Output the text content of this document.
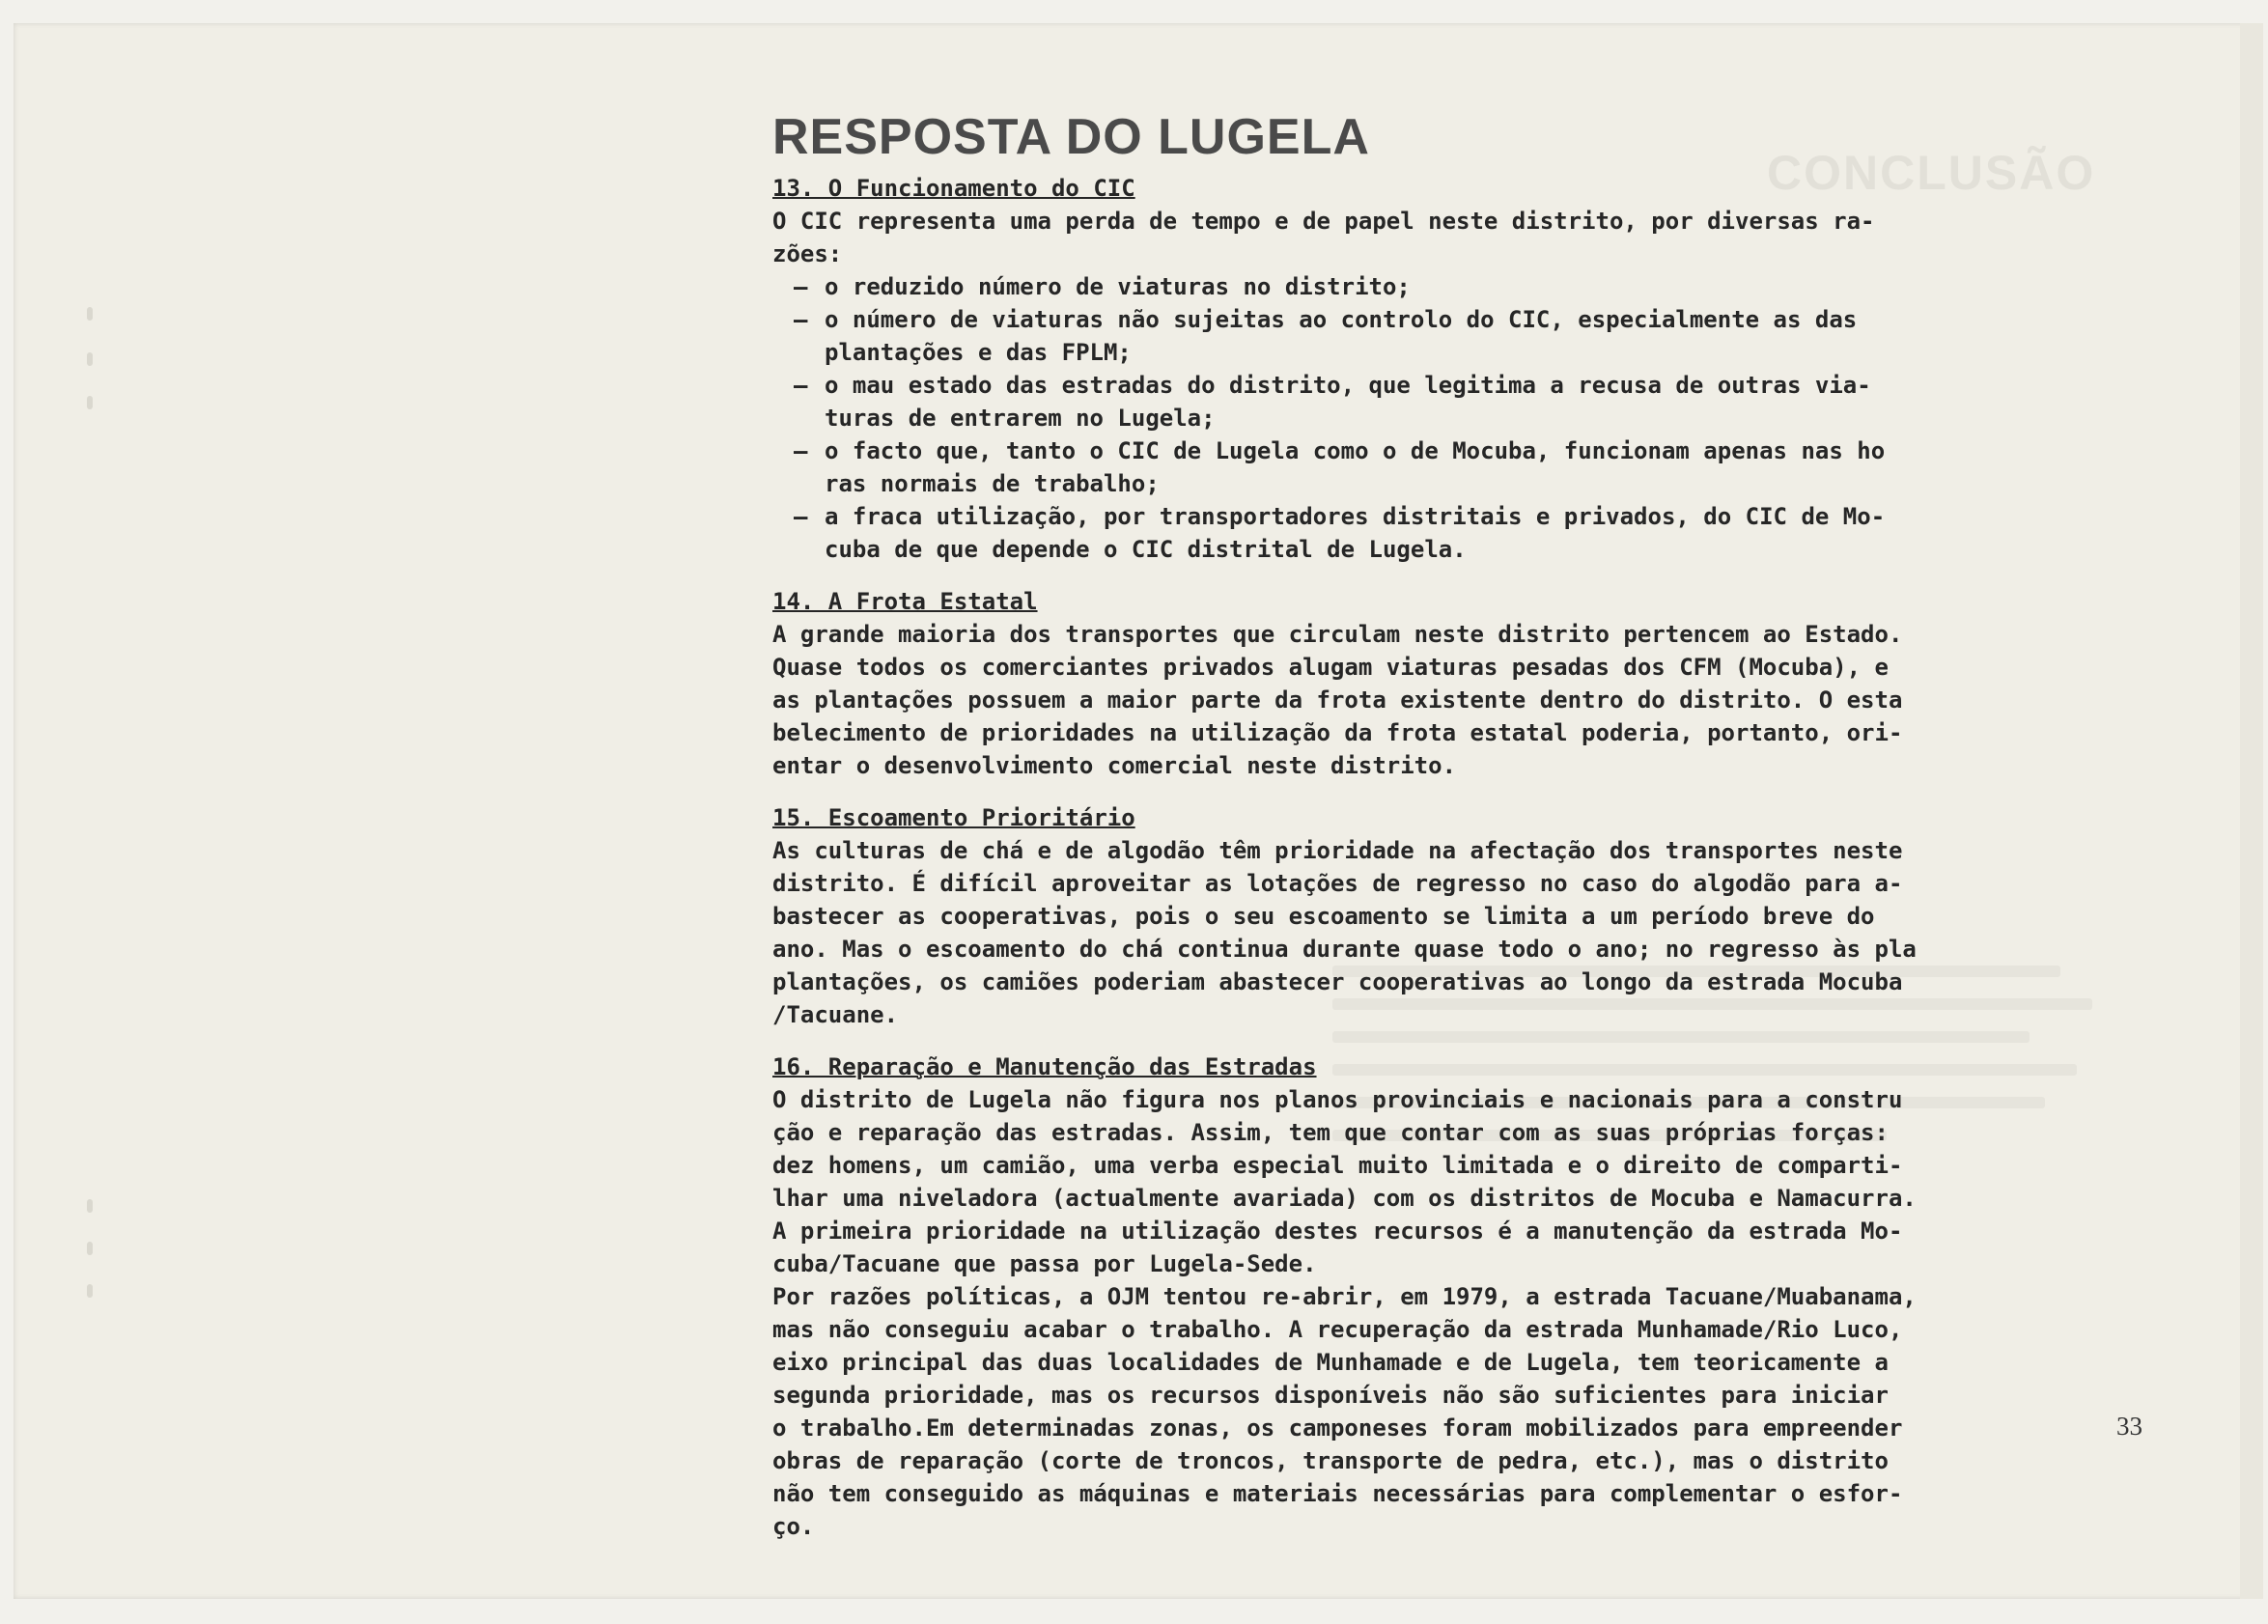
CONCLUSÃO
RESPOSTA DO LUGELA

13. O Funcionamento do CIC

O CIC representa uma perda de tempo e de papel neste distrito, por diversas ra-
zões:

– o reduzido número de viaturas no distrito;
– o número de viaturas não sujeitas ao controlo do CIC, especialmente as das
plantações e das FPLM;
– o mau estado das estradas do distrito, que legitima a recusa de outras via-
turas de entrarem no Lugela;
– o facto que, tanto o CIC de Lugela como o de Mocuba, funcionam apenas nas ho
ras normais de trabalho;
– a fraca utilização, por transportadores distritais e privados, do CIC de Mo-
cuba de que depende o CIC distrital de Lugela.

14. A Frota Estatal

A grande maioria dos transportes que circulam neste distrito pertencem ao Estado.
Quase todos os comerciantes privados alugam viaturas pesadas dos CFM (Mocuba), e
as plantações possuem a maior parte da frota existente dentro do distrito. O esta
belecimento de prioridades na utilização da frota estatal poderia, portanto, ori-
entar o desenvolvimento comercial neste distrito.

15. Escoamento Prioritário

As culturas de chá e de algodão têm prioridade na afectação dos transportes neste
distrito. É difícil aproveitar as lotações de regresso no caso do algodão para a-
bastecer as cooperativas, pois o seu escoamento se limita a um período breve do
ano. Mas o escoamento do chá continua durante quase todo o ano; no regresso às pla
plantações, os camiões poderiam abastecer cooperativas ao longo da estrada Mocuba
/Tacuane.

16. Reparação e Manutenção das Estradas

O distrito de Lugela não figura nos planos provinciais e nacionais para a constru
ção e reparação das estradas. Assim, tem que contar com as suas próprias forças:
dez homens, um camião, uma verba especial muito limitada e o direito de comparti-
lhar uma niveladora (actualmente avariada) com os distritos de Mocuba e Namacurra.
A primeira prioridade na utilização destes recursos é a manutenção da estrada Mo-
cuba/Tacuane que passa por Lugela-Sede.
Por razões políticas, a OJM tentou re-abrir, em 1979, a estrada Tacuane/Muabanama,
mas não conseguiu acabar o trabalho. A recuperação da estrada Munhamade/Rio Luco,
eixo principal das duas localidades de Munhamade e de Lugela, tem teoricamente a
segunda prioridade, mas os recursos disponíveis não são suficientes para iniciar
o trabalho.Em determinadas zonas, os camponeses foram mobilizados para empreender
obras de reparação (corte de troncos, transporte de pedra, etc.), mas o distrito
não tem conseguido as máquinas e materiais necessárias para complementar o esfor-
ço.

33
